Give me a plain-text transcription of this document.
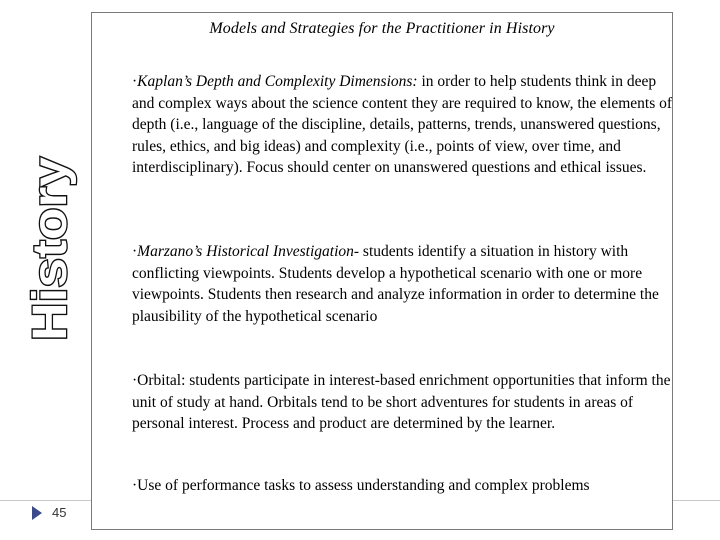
History
45
Models and Strategies for the Practitioner in History
·Kaplan’s Depth and Complexity Dimensions: in order to help students think in deep and complex ways about the science content they are required to know, the elements of depth (i.e., language of the discipline, details, patterns, trends, unanswered questions, rules, ethics, and big ideas) and complexity (i.e., points of view, over time, and interdisciplinary). Focus should center on unanswered questions and ethical issues.
·Marzano’s Historical Investigation- students identify a situation in history with conflicting viewpoints. Students develop a hypothetical scenario with one or more viewpoints. Students then research and analyze information in order to determine the plausibility of the hypothetical scenario
·Orbital: students participate in interest-based enrichment opportunities that inform the unit of study at hand. Orbitals tend to be short adventures for students in areas of personal interest. Process and product are determined by the learner.
·Use of performance tasks to assess understanding and complex problems
